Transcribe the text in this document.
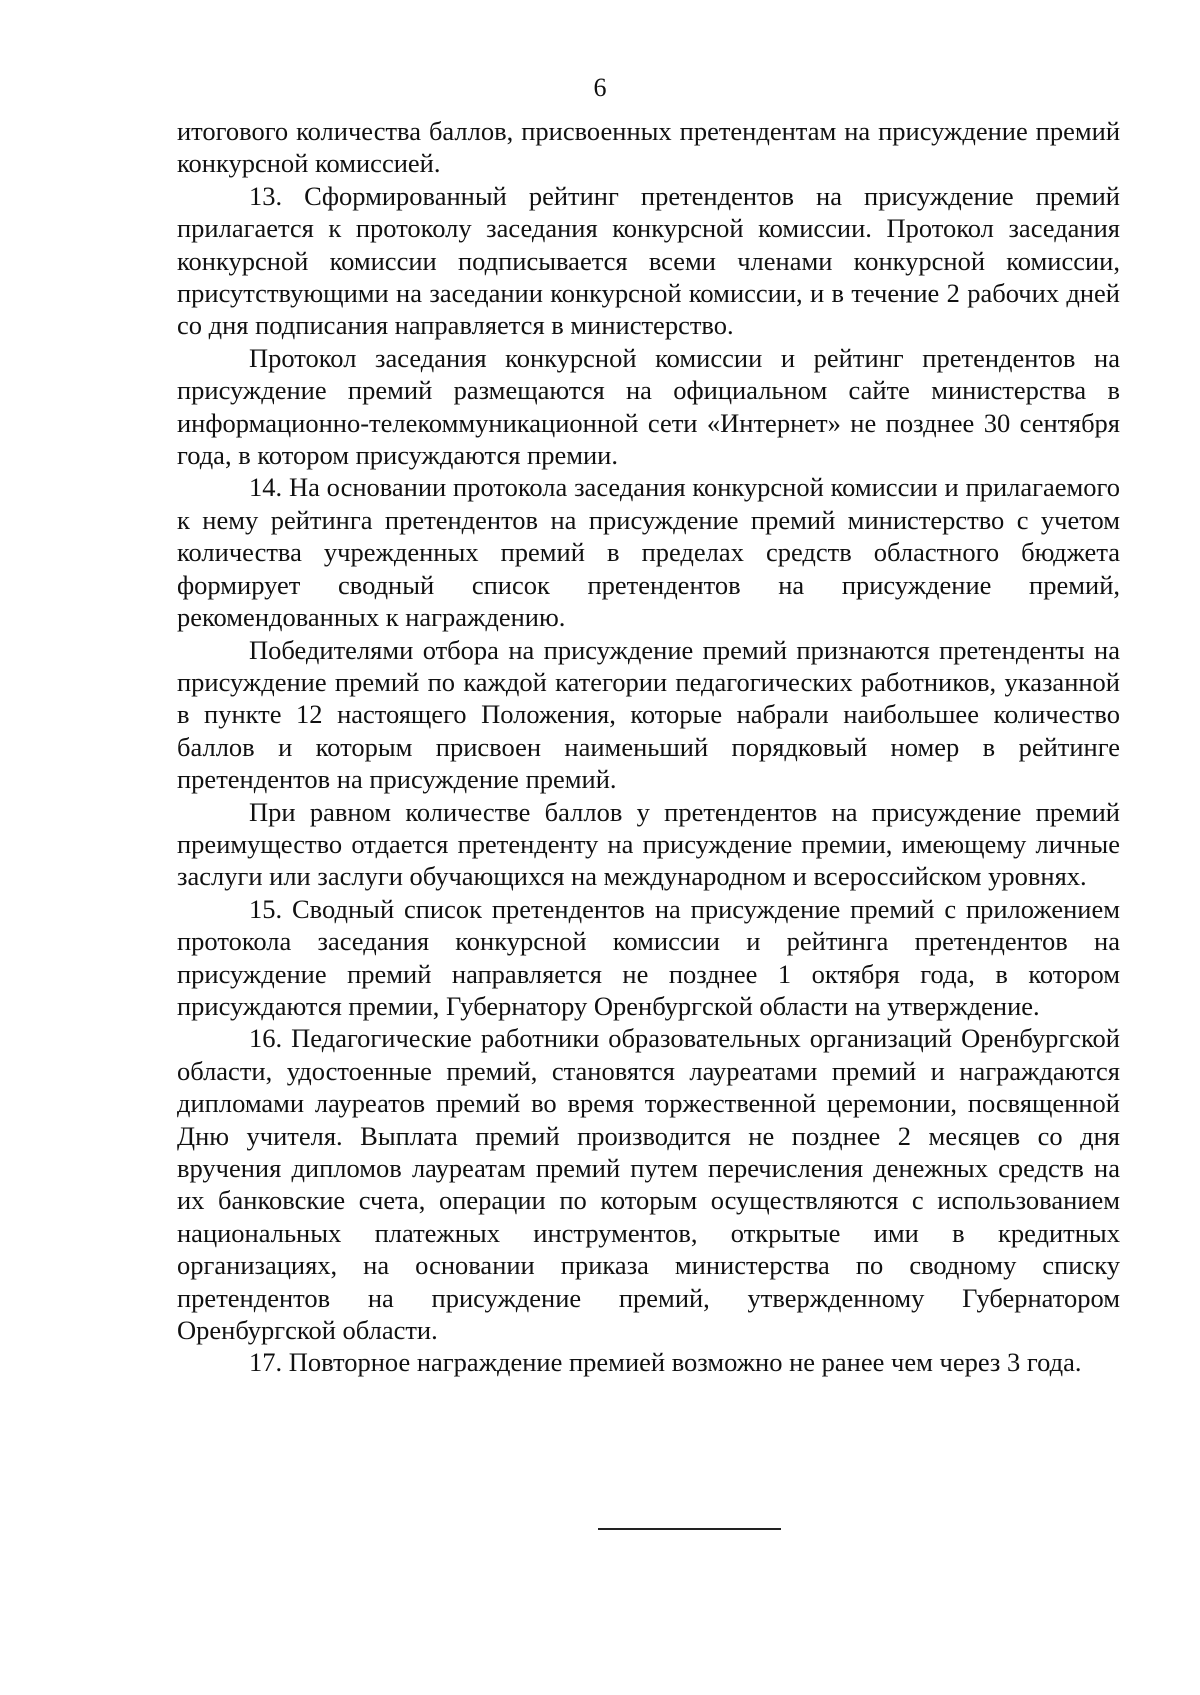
6

итогового количества баллов, присвоенных претендентам на присуждение премий конкурсной комиссией.

13. Сформированный рейтинг претендентов на присуждение премий прилагается к протоколу заседания конкурсной комиссии. Протокол заседания конкурсной комиссии подписывается всеми членами конкурсной комиссии, присутствующими на заседании конкурсной комиссии, и в течение 2 рабочих дней со дня подписания направляется в министерство.

Протокол заседания конкурсной комиссии и рейтинг претендентов на присуждение премий размещаются на официальном сайте министерства в информационно-телекоммуникационной сети «Интернет» не позднее 30 сентября года, в котором присуждаются премии.

14. На основании протокола заседания конкурсной комиссии и прилагаемого к нему рейтинга претендентов на присуждение премий министерство с учетом количества учрежденных премий в пределах средств областного бюджета формирует сводный список претендентов на присуждение премий, рекомендованных к награждению.

Победителями отбора на присуждение премий признаются претенденты на присуждение премий по каждой категории педагогических работников, указанной в пункте 12 настоящего Положения, которые набрали наибольшее количество баллов и которым присвоен наименьший порядковый номер в рейтинге претендентов на присуждение премий.

При равном количестве баллов у претендентов на присуждение премий преимущество отдается претенденту на присуждение премии, имеющему личные заслуги или заслуги обучающихся на международном и всероссийском уровнях.

15. Сводный список претендентов на присуждение премий с приложением протокола заседания конкурсной комиссии и рейтинга претендентов на присуждение премий направляется не позднее 1 октября года, в котором присуждаются премии, Губернатору Оренбургской области на утверждение.

16. Педагогические работники образовательных организаций Оренбургской области, удостоенные премий, становятся лауреатами премий и награждаются дипломами лауреатов премий во время торжественной церемонии, посвященной Дню учителя. Выплата премий производится не позднее 2 месяцев со дня вручения дипломов лауреатам премий путем перечисления денежных средств на их банковские счета, операции по которым осуществляются с использованием национальных платежных инструментов, открытые ими в кредитных организациях, на основании приказа министерства по сводному списку претендентов на присуждение премий, утвержденному Губернатором Оренбургской области.

17. Повторное награждение премией возможно не ранее чем через 3 года.
